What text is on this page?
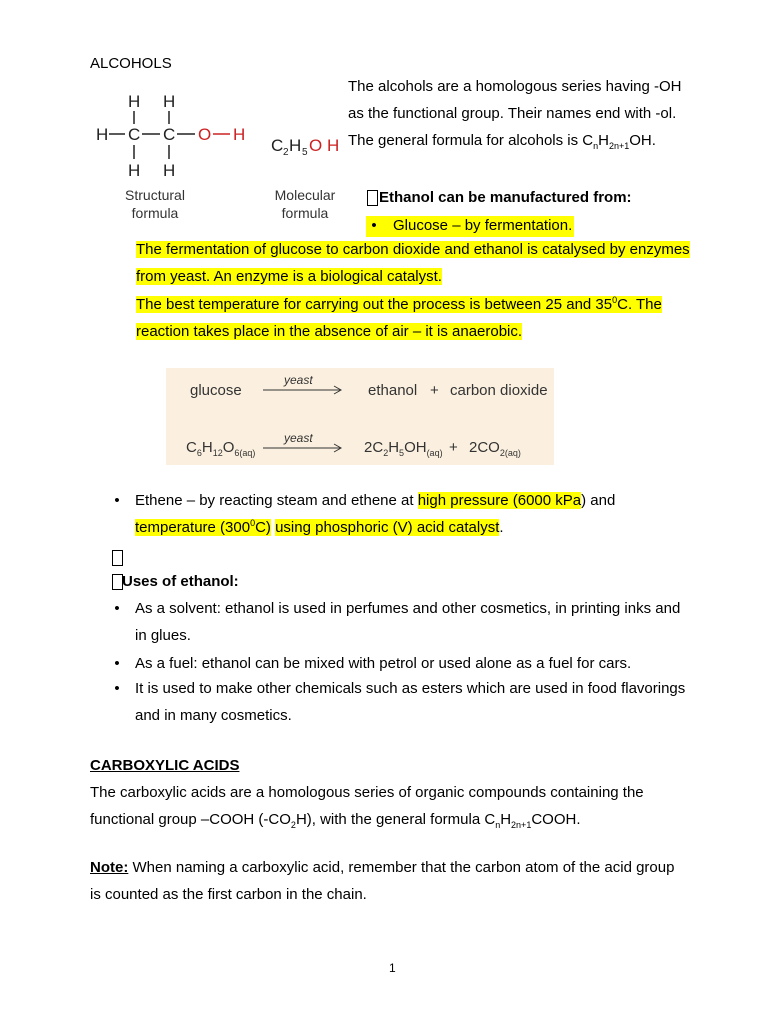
ALCOHOLS
H H
H C C O H
H H
C 2 H 5 O H
Structural
formula
Molecular
formula
The alcohols are a homologous series having -OH
as the functional group. Their names end with -ol.
The general formula for alcohols is $C_nH_{2n+1}OH$.
Ethanol can be manufactured from:
• Glucose – by fermentation.
The fermentation of glucose to carbon dioxide and ethanol is catalysed by enzymes
from yeast. An enzyme is a biological catalyst.
The best temperature for carrying out the process is between 25 and $35^0C$. The
reaction takes place in the absence of air – it is anaerobic.
glucose
yeast
ethanol + carbon dioxide
$C_6H_{12}O_{6(aq)}$
yeast
$2C_2H_5OH_{(aq)} + 2CO_{2(aq)}$
• Ethene – by reacting steam and ethene at high pressure (6000 kPa) and
temperature $(300^0C)$ using phosphoric (V) acid catalyst.
Uses of ethanol:
• As a solvent: ethanol is used in perfumes and other cosmetics, in printing inks and
in glues.
• As a fuel: ethanol can be mixed with petrol or used alone as a fuel for cars.
• It is used to make other chemicals such as esters which are used in food flavorings
and in many cosmetics.
CARBOXYLIC ACIDS
The carboxylic acids are a homologous series of organic compounds containing the
functional group –COOH $(-CO_2H)$, with the general formula $C_nH_{2n+1}COOH$.
Note: When naming a carboxylic acid, remember that the carbon atom of the acid group
is counted as the first carbon in the chain.
1
